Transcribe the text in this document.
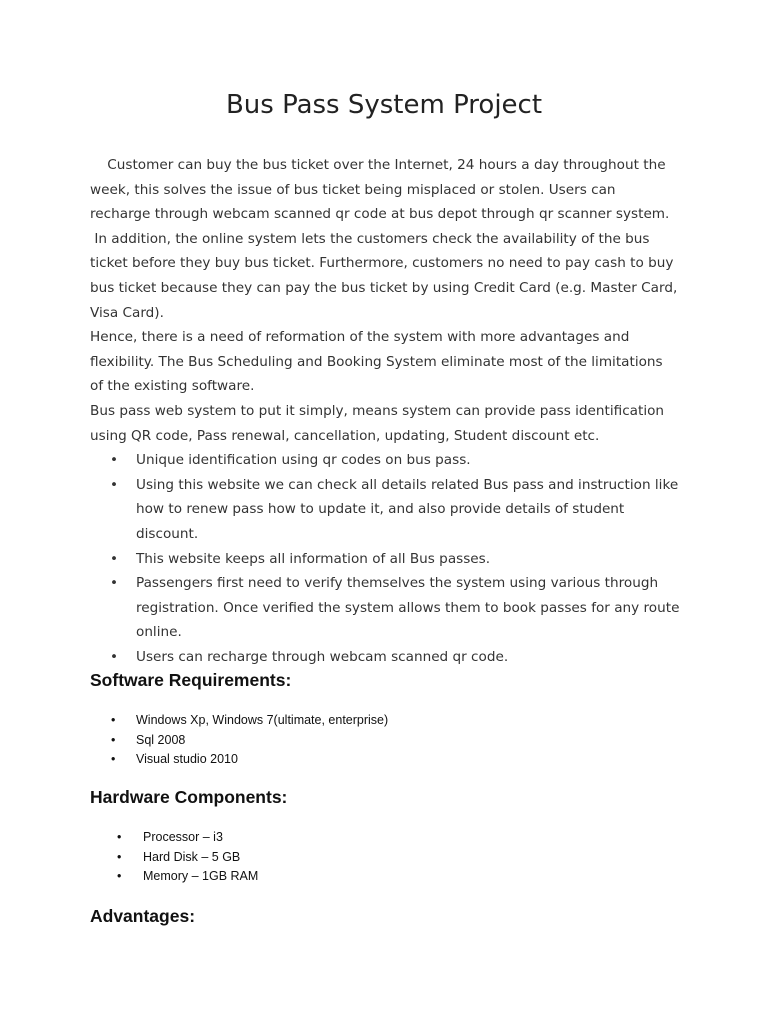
Bus Pass System Project

Customer can buy the bus ticket over the Internet, 24 hours a day throughout the week, this solves the issue of bus ticket being misplaced or stolen. Users can recharge through webcam scanned qr code at bus depot through qr scanner system.

In addition, the online system lets the customers check the availability of the bus ticket before they buy bus ticket. Furthermore, customers no need to pay cash to buy bus ticket because they can pay the bus ticket by using Credit Card (e.g. Master Card, Visa Card).

Hence, there is a need of reformation of the system with more advantages and flexibility. The Bus Scheduling and Booking System eliminate most of the limitations of the existing software.

Bus pass web system to put it simply, means system can provide pass identification using QR code, Pass renewal, cancellation, updating, Student discount etc.

• Unique identification using qr codes on bus pass.
• Using this website we can check all details related Bus pass and instruction like how to renew pass how to update it, and also provide details of student discount.
• This website keeps all information of all Bus passes.
• Passengers first need to verify themselves the system using various through registration. Once verified the system allows them to book passes for any route online.
• Users can recharge through webcam scanned qr code.
Software Requirements:
• Windows Xp, Windows 7(ultimate, enterprise)
• Sql 2008
• Visual studio 2010
Hardware Components:
• Processor – i3
• Hard Disk – 5 GB
• Memory – 1GB RAM
Advantages:
